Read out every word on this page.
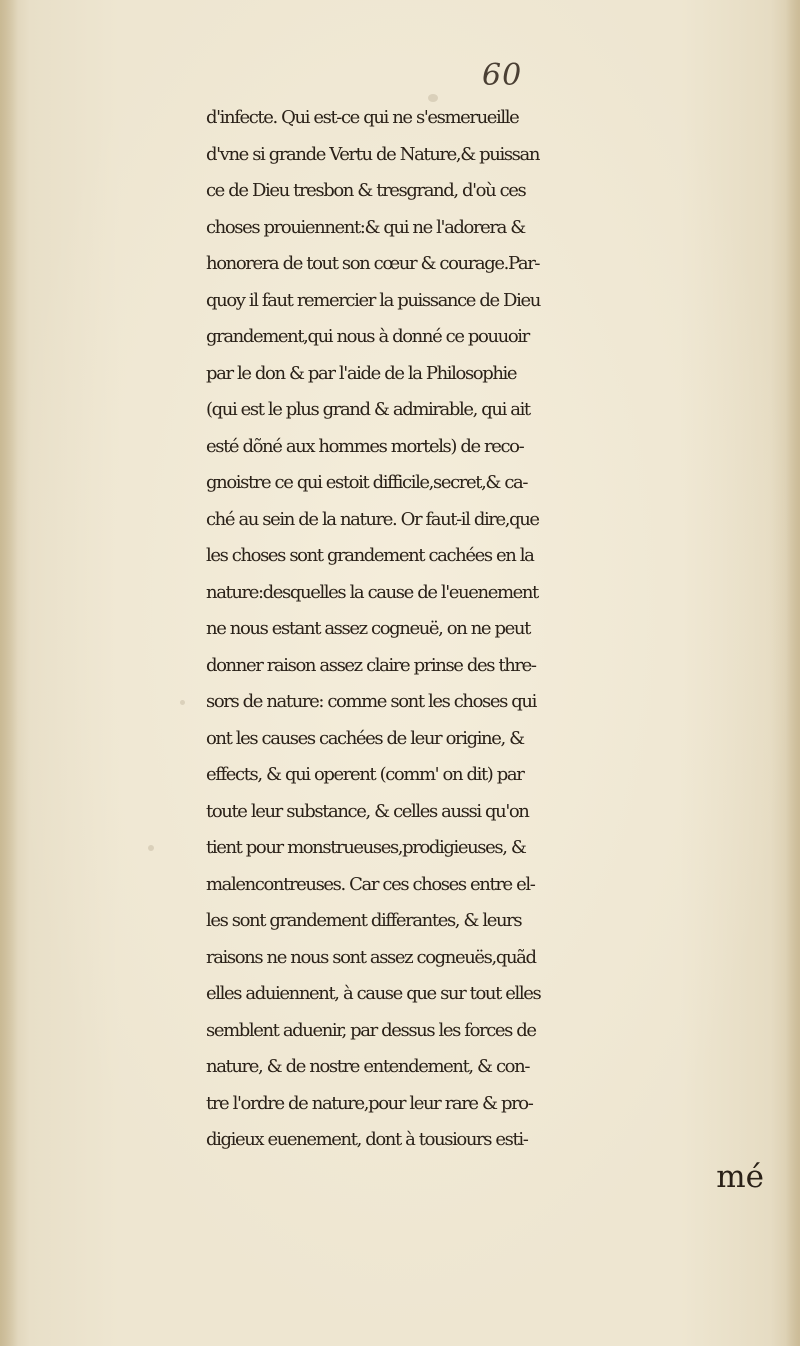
60
d'infecte. Qui est-ce qui ne s'esmerueille
d'vne si grande Vertu de Nature,& puissan
ce de Dieu tresbon & tresgrand, d'où ces
choses prouiennent:& qui ne l'adorera &
honorera de tout son cœur & courage.Par-
quoy il faut remercier la puissance de Dieu
grandement,qui nous à donné ce pouuoir
par le don & par l'aide de la Philosophie
(qui est le plus grand & admirable, qui ait
esté dõné aux hommes mortels) de reco-
gnoistre ce qui estoit difficile,secret,& ca-
ché au sein de la nature. Or faut-il dire,que
les choses sont grandement cachées en la
nature:desquelles la cause de l'euenement
ne nous estant assez cogneuë, on ne peut
donner raison assez claire prinse des thre-
sors de nature: comme sont les choses qui
ont les causes cachées de leur origine, &
effects, & qui operent (comm' on dit) par
toute leur substance, & celles aussi qu'on
tient pour monstrueuses,prodigieuses, &
malencontreuses. Car ces choses entre el-
les sont grandement differantes, & leurs
raisons ne nous sont assez cogneuës,quãd
elles aduiennent, à cause que sur tout elles
semblent aduenir, par dessus les forces de
nature, & de nostre entendement, & con-
tre l'ordre de nature,pour leur rare & pro-
digieux euenement, dont à tousiours esti-
mé
